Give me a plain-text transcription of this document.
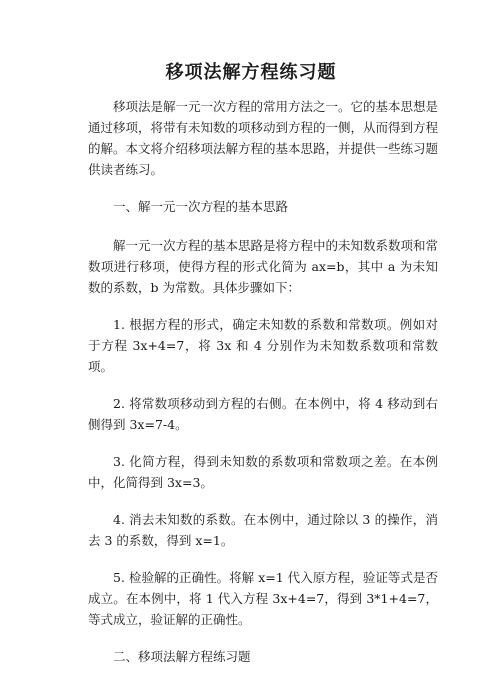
移项法解方程练习题

移项法是解一元一次方程的常用方法之一。它的基本思想是通过移项，将带有未知数的项移动到方程的一侧，从而得到方程的解。本文将介绍移项法解方程的基本思路，并提供一些练习题供读者练习。

一、解一元一次方程的基本思路

解一元一次方程的基本思路是将方程中的未知数系数项和常数项进行移项，使得方程的形式化简为 ax=b，其中 a 为未知数的系数，b 为常数。具体步骤如下：

1. 根据方程的形式，确定未知数的系数和常数项。例如对于方程 3x+4=7，将 3x 和 4 分别作为未知数系数项和常数项。

2. 将常数项移动到方程的右侧。在本例中，将 4 移动到右侧得到 3x=7-4。

3. 化简方程，得到未知数的系数项和常数项之差。在本例中，化简得到 3x=3。

4. 消去未知数的系数。在本例中，通过除以 3 的操作，消去 3 的系数，得到 x=1。

5. 检验解的正确性。将解 x=1 代入原方程，验证等式是否成立。在本例中，将 1 代入方程 3x+4=7，得到 3*1+4=7，等式成立，验证解的正确性。

二、移项法解方程练习题
